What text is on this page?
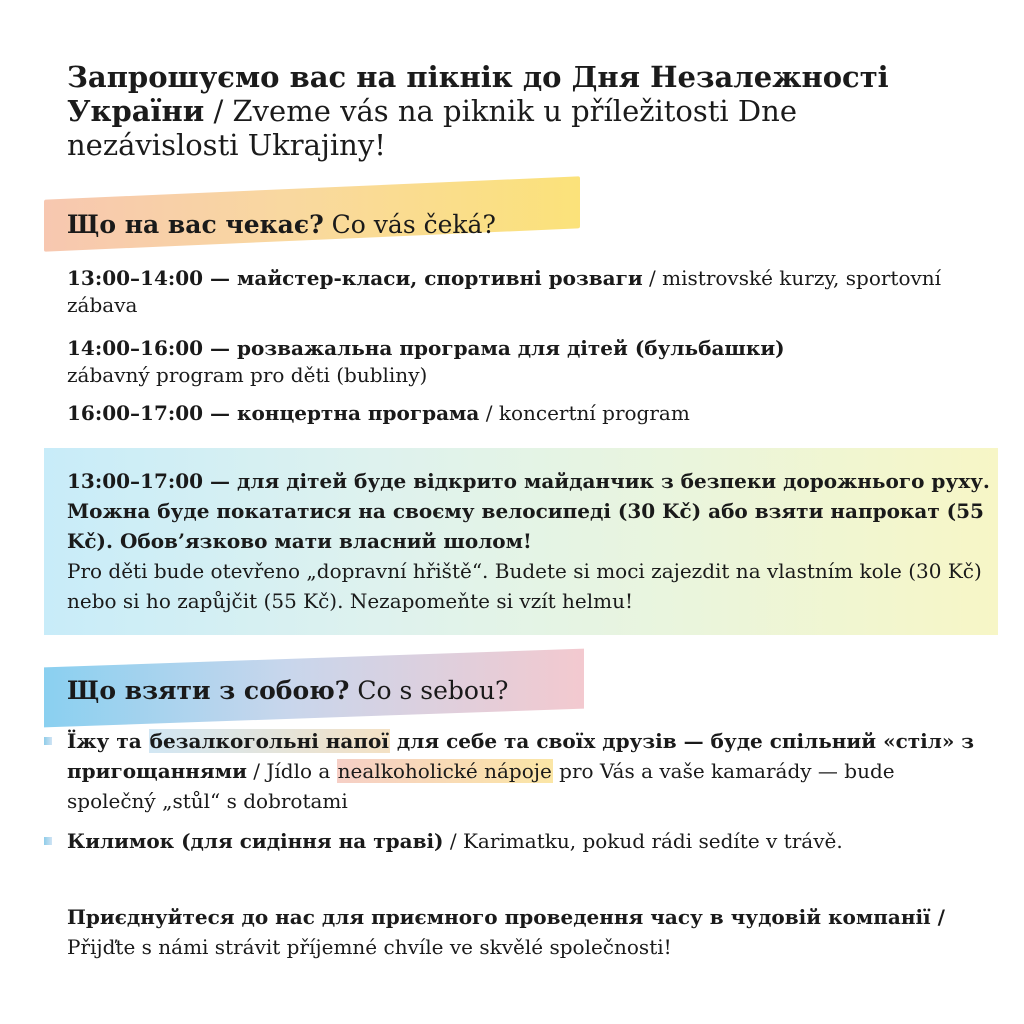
Запрошуємо вас на пікнік до Дня Незалежності України / Zveme vás na piknik u příležitosti Dne nezávislosti Ukrajiny!
Що на вас чекає? Co vás čeká?
13:00–14:00 — майстер-класи, спортивні розваги / mistrovské kurzy, sportovní zábava
14:00–16:00 — розважальна програма для дітей (бульбашки)
zábavný program pro děti (bubliny)
16:00–17:00 — концертна програма / koncertní program
13:00–17:00 — для дітей буде відкрито майданчик з безпеки дорожнього руху. Можна буде покататися на своєму велосипеді (30 Kč) або взяти напрокат (55 Kč). Обов’язково мати власний шолом!
Pro děti bude otevřeno „dopravní hřiště“. Budete si moci zajezdit na vlastním kole (30 Kč) nebo si ho zapůjčit (55 Kč). Nezapomeňte si vzít helmu!
Що взяти з собою? Co s sebou?
Їжу та безалкогольні напої для себе та своїх друзів — буде спільний «стіл» з пригощаннями / Jídlo a nealkoholické nápoje pro Vás a vaše kamarády — bude společný „stůl“ s dobrotami
Килимок (для сидіння на траві) / Karimatku, pokud rádi sedíte v trávě.
Приєднуйтеся до нас для приємного проведення часу в чудовій компанії / Přijďte s námi strávit příjemné chvíle ve skvělé společnosti!
